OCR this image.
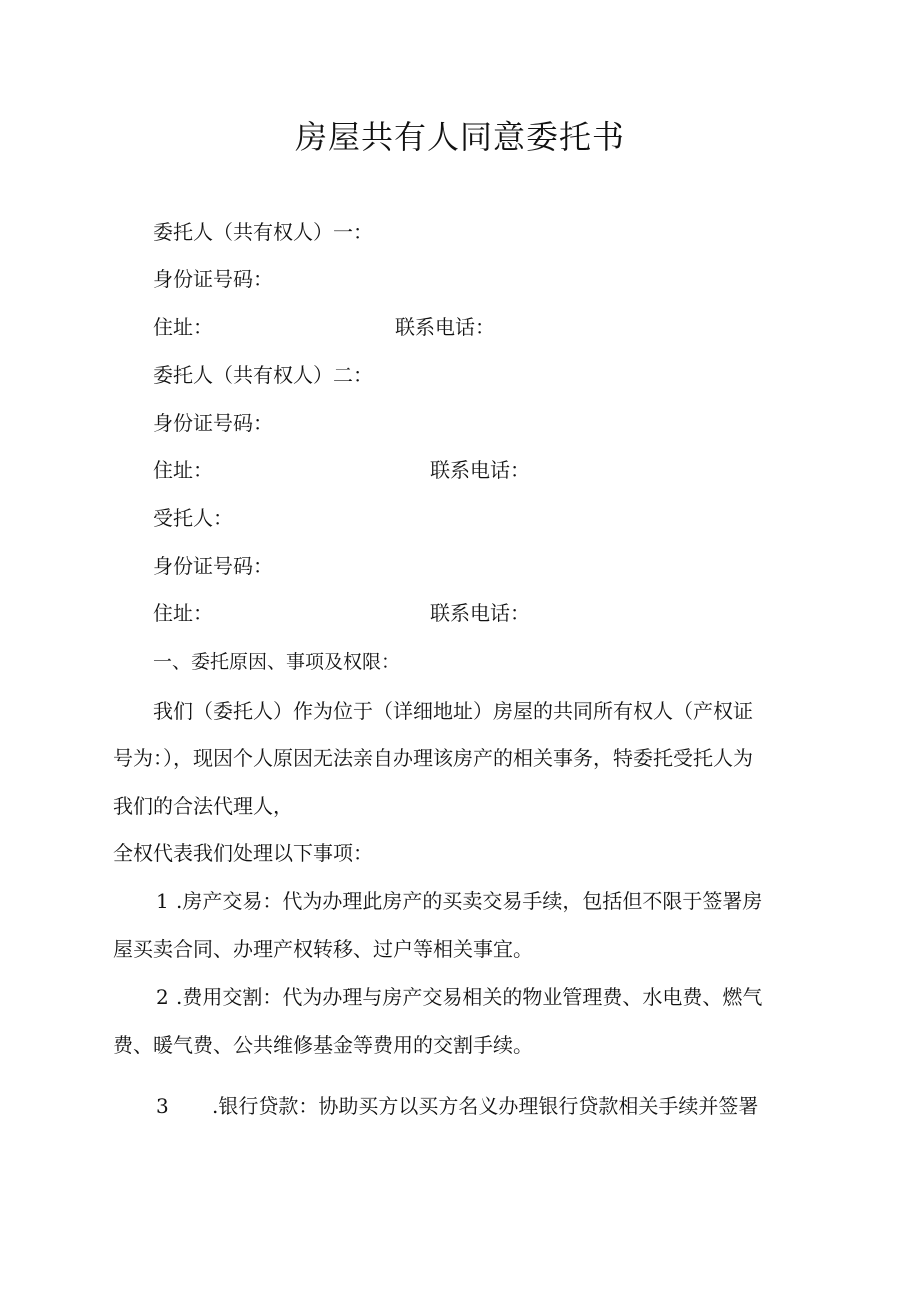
房屋共有人同意委托书
委托人（共有权人）一：
身份证号码：
住址：	联系电话：
委托人（共有权人）二：
身份证号码：
住址：	联系电话：
受托人：
身份证号码：
住址：	联系电话：
一、委托原因、事项及权限：
我们（委托人）作为位于（详细地址）房屋的共同所有权人（产权证
号为：），现因个人原因无法亲自办理该房产的相关事务，特委托受托人为
我们的合法代理人，
全权代表我们处理以下事项：
1 .房产交易：代为办理此房产的买卖交易手续，包括但不限于签署房
屋买卖合同、办理产权转移、过户等相关事宜。
2 .费用交割：代为办理与房产交易相关的物业管理费、水电费、燃气
费、暖气费、公共维修基金等费用的交割手续。
3 .银行贷款：协助买方以买方名义办理银行贷款相关手续并签署
